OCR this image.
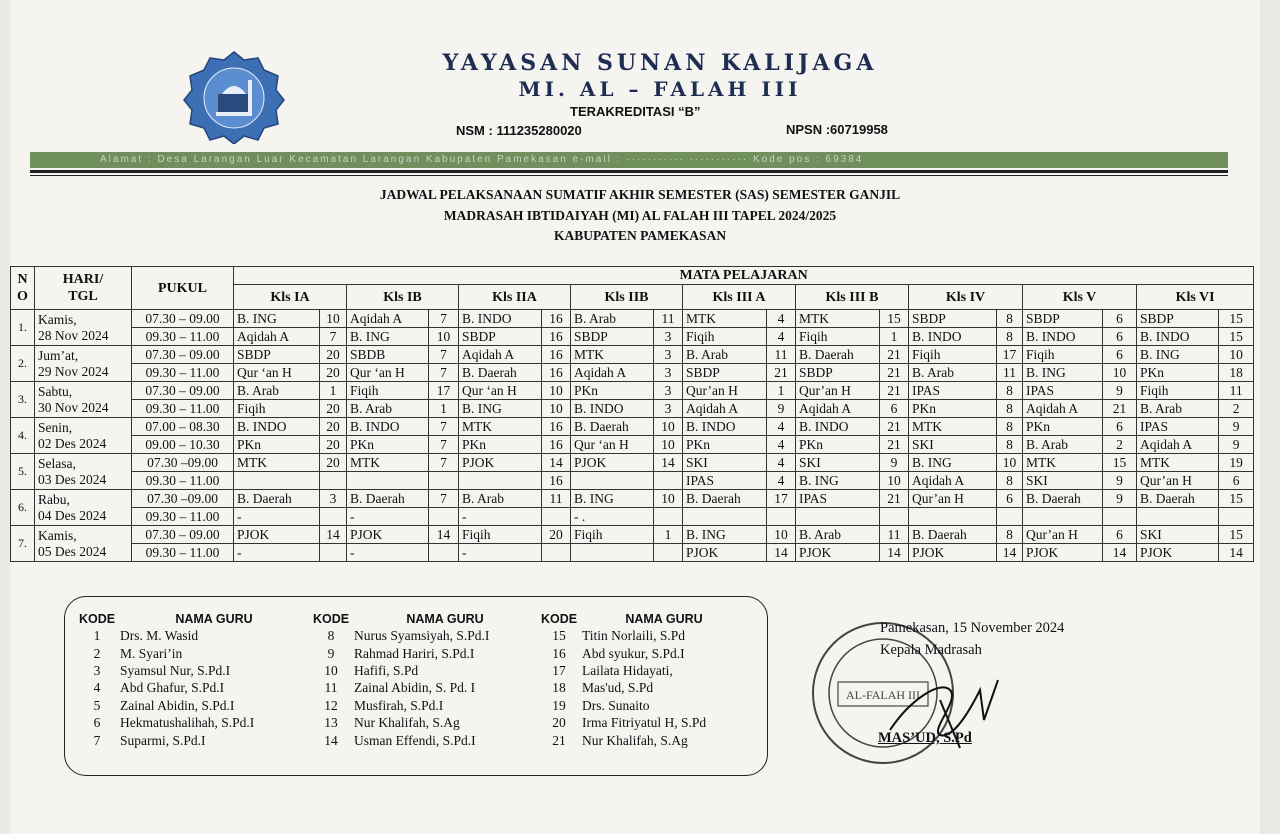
YAYASAN SUNAN KALIJAGA
MI. AL – FALAH III
TERAKREDITASI “B”
NSM : 111235280020	NPSN :60719958
Alamat : Desa Larangan Luar Kecamatan Larangan Kabupaten Pamekasan e-mail : ··········· ··········· Kode pos : 69384
JADWAL PELAKSANAAN SUMATIF AKHIR SEMESTER (SAS) SEMESTER GANJIL
MADRASAH IBTIDAIYAH (MI) AL FALAH III TAPEL 2024/2025
KABUPATEN PAMEKASAN
N
O	HARI/
TGL	PUKUL	MATA PELAJARAN																	
			Kls IA		Kls IB		Kls IIA		Kls IIB		Kls III A		Kls III B		Kls IV		Kls V		Kls VI	
1.	Kamis,
28 Nov 2024	07.30 – 09.00	B. ING	10	Aqidah A	7	B. INDO	16	B. Arab	11	MTK	4	MTK	15	SBDP	8	SBDP	6	SBDP	15
		09.30 – 11.00	Aqidah A	7	B. ING	10	SBDP	16	SBDP	3	Fiqih	4	Fiqih	1	B. INDO	8	B. INDO	6	B. INDO	15
2.	Jum’at,
29 Nov 2024	07.30 – 09.00	SBDP	20	SBDB	7	Aqidah A	16	MTK	3	B. Arab	11	B. Daerah	21	Fiqih	17	Fiqih	6	B. ING	10
		09.30 – 11.00	Qur ‘an H	20	Qur ‘an H	7	B. Daerah	16	Aqidah A	3	SBDP	21	SBDP	21	B. Arab	11	B. ING	10	PKn	18
3.	Sabtu,
30 Nov 2024	07.30 – 09.00	B. Arab	1	Fiqih	17	Qur ‘an H	10	PKn	3	Qur’an H	1	Qur’an H	21	IPAS	8	IPAS	9	Fiqih	11
		09.30 – 11.00	Fiqih	20	B. Arab	1	B. ING	10	B. INDO	3	Aqidah A	9	Aqidah A	6	PKn	8	Aqidah A	21	B. Arab	2
4.	Senin,
02 Des 2024	07.00 – 08.30	B. INDO	20	B. INDO	7	MTK	16	B. Daerah	10	B. INDO	4	B. INDO	21	MTK	8	PKn	6	IPAS	9
		09.00 – 10.30	PKn	20	PKn	7	PKn	16	Qur ‘an H	10	PKn	4	PKn	21	SKI	8	B. Arab	2	Aqidah A	9
5.	Selasa,
03 Des 2024	07.30 –09.00	MTK	20	MTK	7	PJOK	14	PJOK	14	SKI	4	SKI	9	B. ING	10	MTK	15	MTK	19
		09.30 – 11.00						16			IPAS	4	B. ING	10	Aqidah A	8	SKI	9	Qur’an H	6
6.	Rabu,
04 Des 2024	07.30 –09.00	B. Daerah	3	B. Daerah	7	B. Arab	11	B. ING	10	B. Daerah	17	IPAS	21	Qur’an H	6	B. Daerah	9	B. Daerah	15
		09.30 – 11.00	-		-		-		- .											
7.	Kamis,
05 Des 2024	07.30 – 09.00	PJOK	14	PJOK	14	Fiqih	20	Fiqih	1	B. ING	10	B. Arab	11	B. Daerah	8	Qur’an H	6	SKI	15
		09.30 – 11.00	-		-		-				PJOK	14	PJOK	14	PJOK	14	PJOK	14	PJOK	14
KODE	NAMA GURU	KODE	NAMA GURU	KODE	NAMA GURU
1	Drs. M. Wasid	8	Nurus Syamsiyah, S.Pd.I	15	Titin Norlaili, S.Pd
2	M. Syari’in	9	Rahmad Hariri, S.Pd.I	16	Abd syukur, S.Pd.I
3	Syamsul Nur, S.Pd.I	10	Hafifi, S.Pd	17	Lailata Hidayati,
4	Abd Ghafur, S.Pd.I	11	Zainal Abidin, S. Pd. I	18	Mas'ud, S.Pd
5	Zainal Abidin, S.Pd.I	12	Musfirah, S.Pd.I	19	Drs. Sunaito
6	Hekmatushalihah, S.Pd.I	13	Nur Khalifah, S.Ag	20	Irma Fitriyatul H, S.Pd
7	Suparmi, S.Pd.I	14	Usman Effendi, S.Pd.I	21	Nur Khalifah, S.Ag
AL-FALAH III
Pamekasan, 15 November 2024
Kepala Madrasah
MAS’UD, S.Pd
